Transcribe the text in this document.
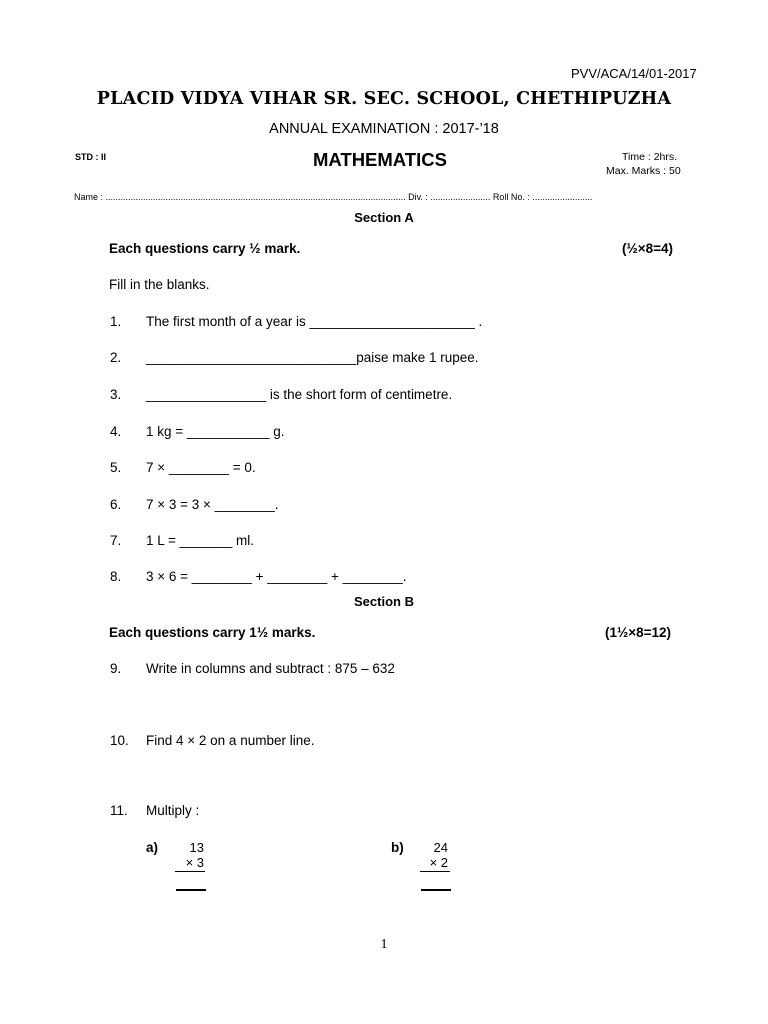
PVV/ACA/14/01-2017
PLACID VIDYA VIHAR SR. SEC. SCHOOL, CHETHIPUZHA
ANNUAL EXAMINATION : 2017-’18
STD : II	MATHEMATICS	Time : 2hrs.
Max. Marks : 50
Name : ........................................................................................................................ Div. : ........................ Roll No. : ........................
Section A
Each questions carry ½ mark.	(½×8=4)
Fill in the blanks.
1. The first month of a year is ______________________ .
2. ____________________________paise make 1 rupee.
3. ________________ is the short form of centimetre.
4. 1 kg = ___________ g.
5. 7 × ________ = 0.
6. 7 × 3 = 3 × ________.
7. 1 L = _______ ml.
8. 3 × 6 = ________ + ________ + ________.
Section B
Each questions carry 1½ marks.	(1½×8=12)
9. Write in columns and subtract : 875 – 632
10. Find 4 × 2 on a number line.
11. Multiply :
a)	13
× 3
b)	24
× 2
1
